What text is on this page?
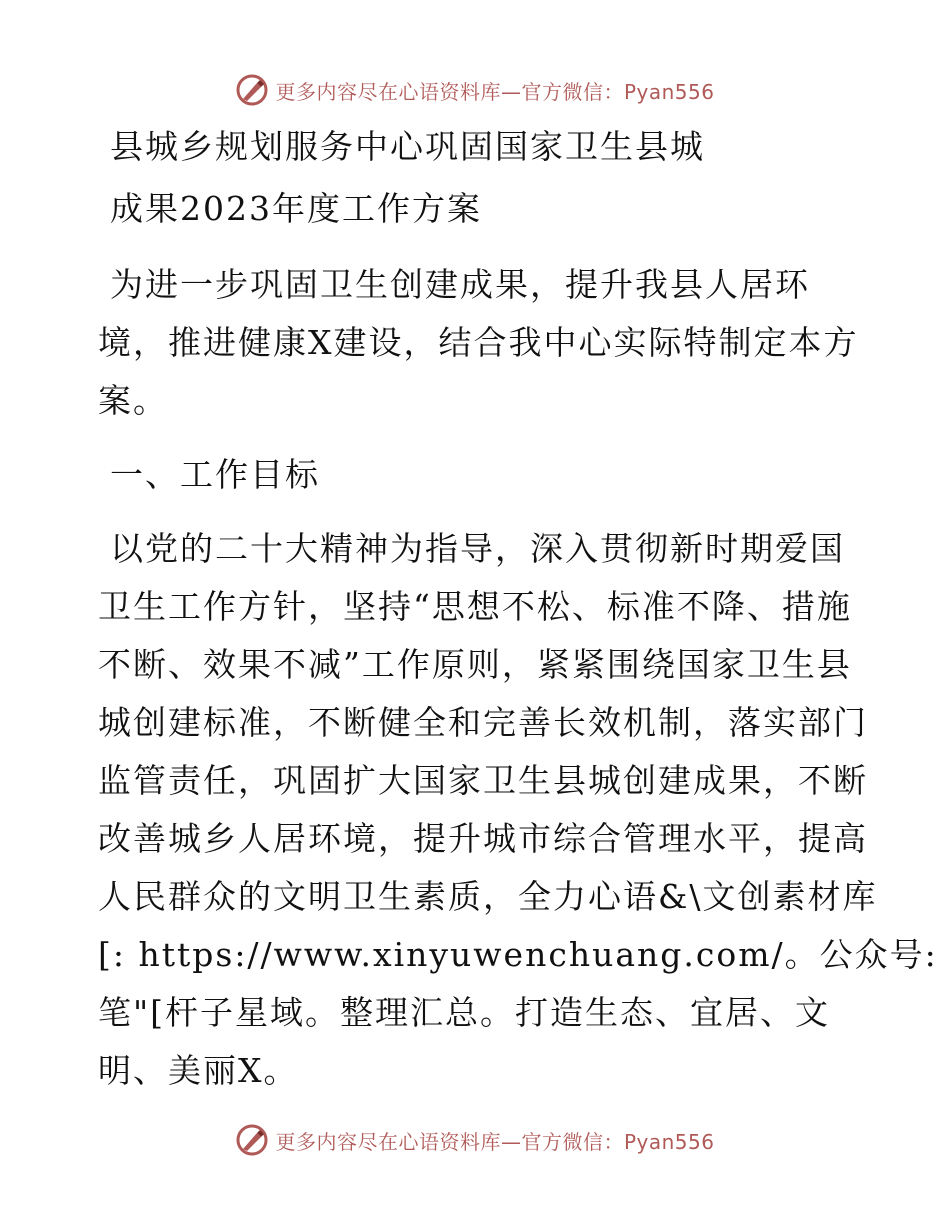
更多内容尽在心语资料库—官方微信：Pyan556
县城乡规划服务中心巩固国家卫生县城
成果2023年度工作方案
为进一步巩固卫生创建成果，提升我县人居环
境，推进健康X建设，结合我中心实际特制定本方
案。
一、工作目标
以党的二十大精神为指导，深入贯彻新时期爱国
卫生工作方针，坚持“思想不松、标准不降、措施
不断、效果不减”工作原则，紧紧围绕国家卫生县
城创建标准，不断健全和完善长效机制，落实部门
监管责任，巩固扩大国家卫生县城创建成果，不断
改善城乡人居环境，提升城市综合管理水平，提高
人民群众的文明卫生素质，全力心语&\文创素材库
[: https://www.xinyuwenchuang.com/。公众号:
笔"[杆子星域。整理汇总。打造生态、宜居、文
明、美丽X。
更多内容尽在心语资料库—官方微信：Pyan556
